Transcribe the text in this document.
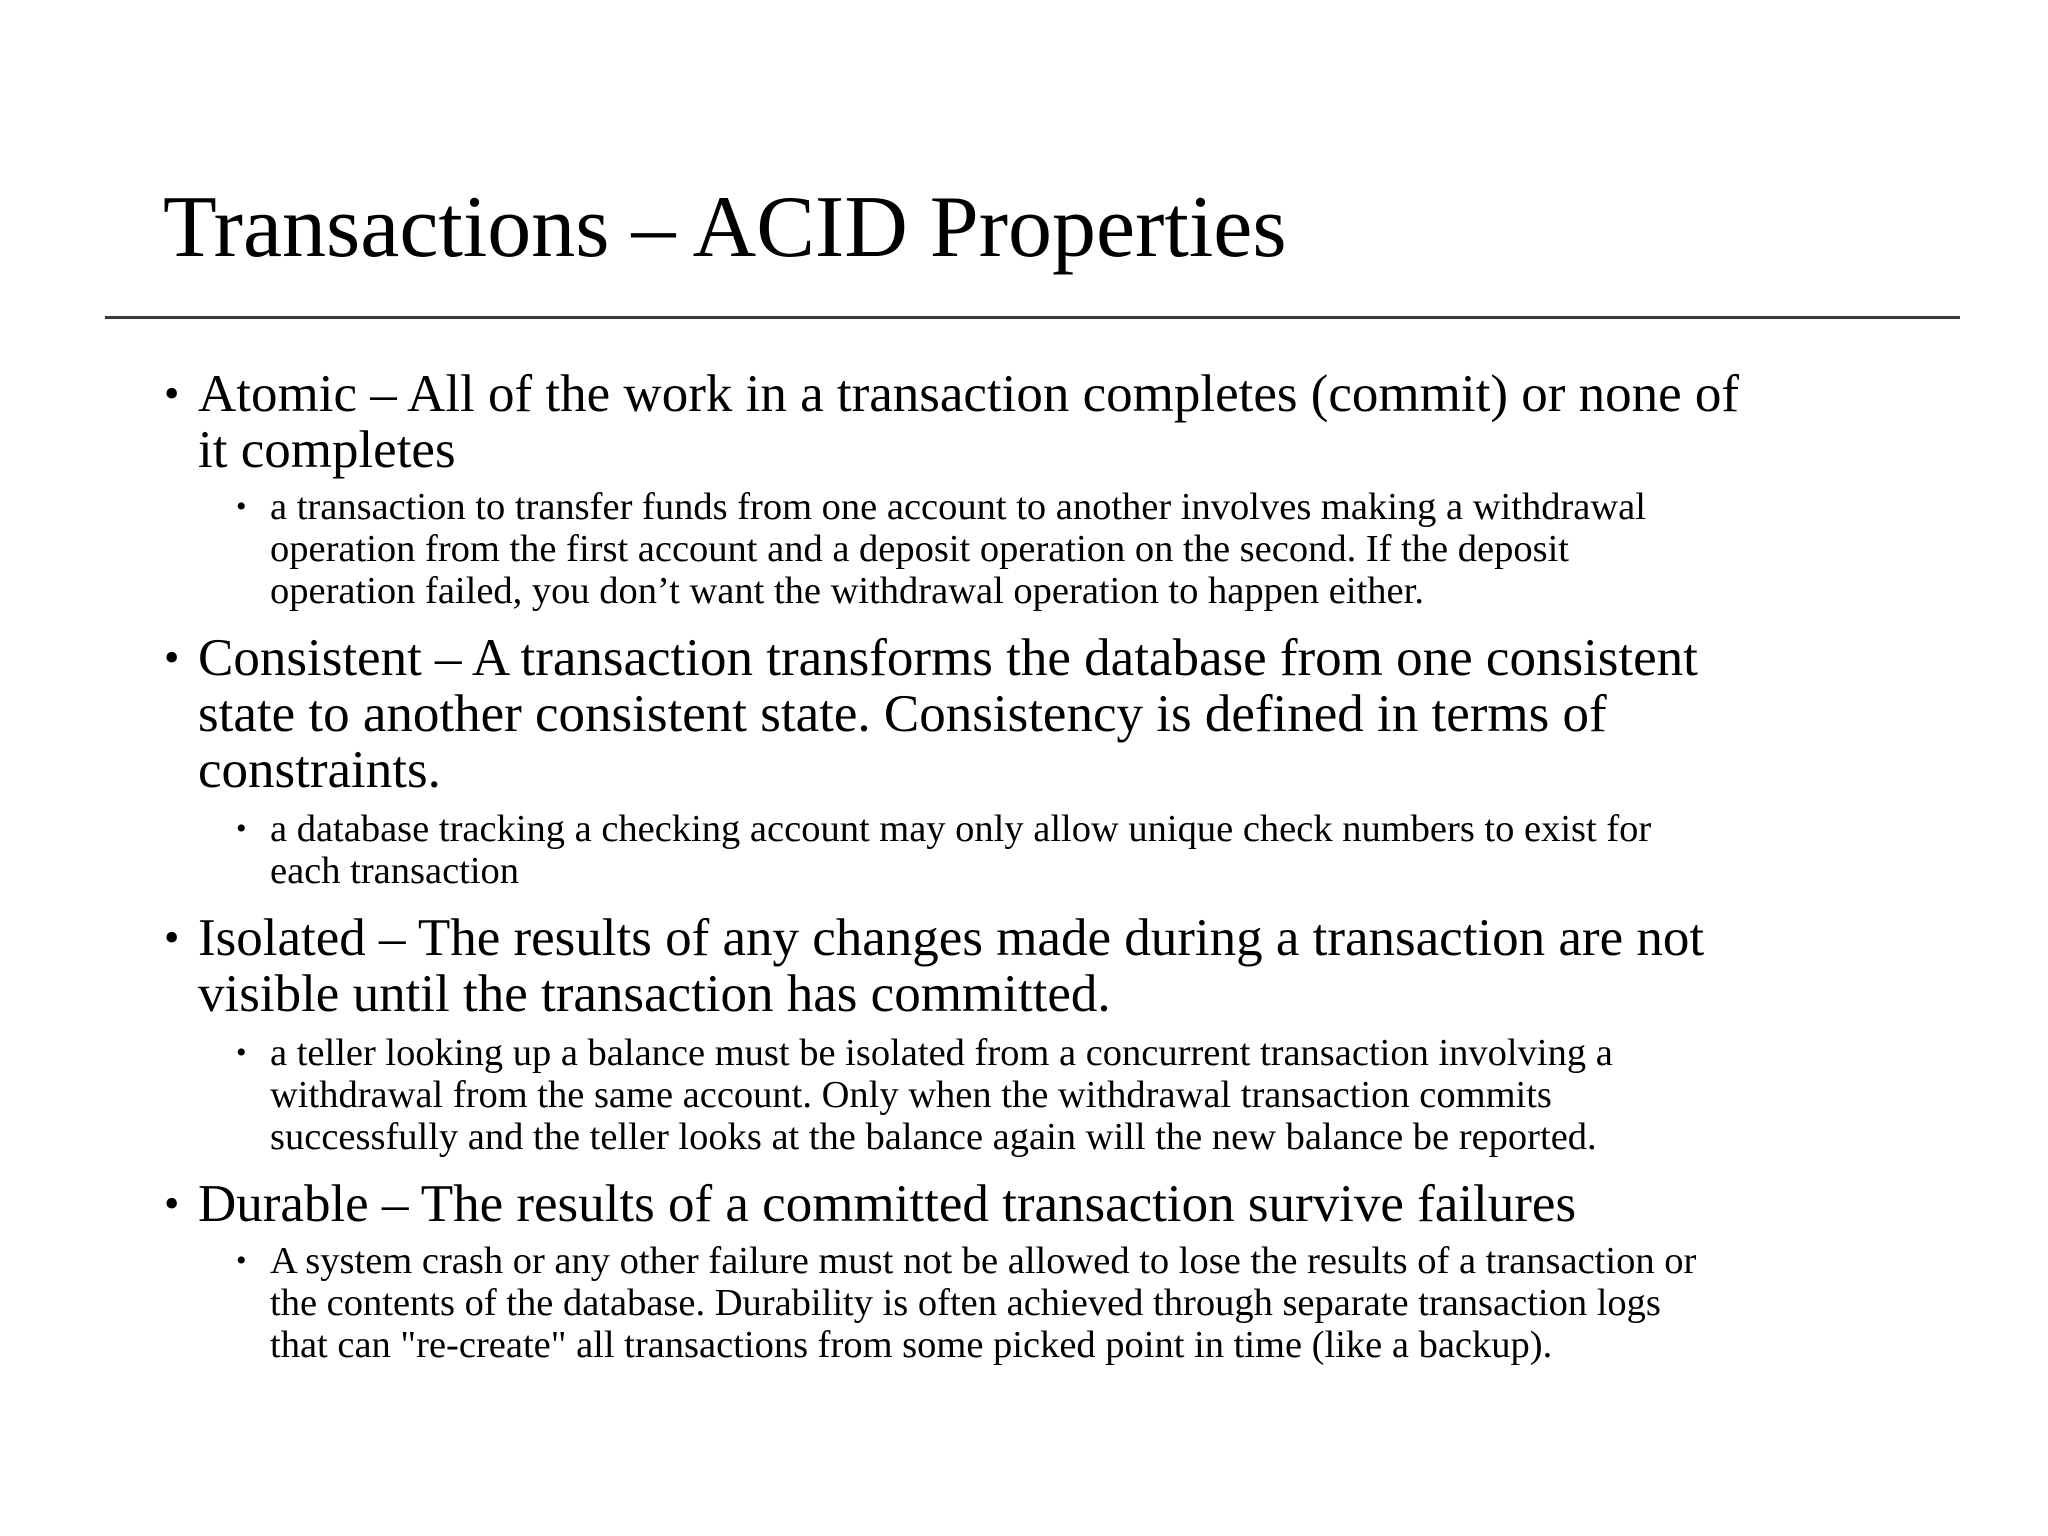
Transactions – ACID Properties
• Atomic – All of the work in a transaction completes (commit) or none of
it completes
• a transaction to transfer funds from one account to another involves making a withdrawal
operation from the first account and a deposit operation on the second. If the deposit
operation failed, you don’t want the withdrawal operation to happen either.
• Consistent – A transaction transforms the database from one consistent
state to another consistent state. Consistency is defined in terms of
constraints.
• a database tracking a checking account may only allow unique check numbers to exist for
each transaction
• Isolated – The results of any changes made during a transaction are not
visible until the transaction has committed.
• a teller looking up a balance must be isolated from a concurrent transaction involving a
withdrawal from the same account. Only when the withdrawal transaction commits
successfully and the teller looks at the balance again will the new balance be reported.
• Durable – The results of a committed transaction survive failures
• A system crash or any other failure must not be allowed to lose the results of a transaction or
the contents of the database. Durability is often achieved through separate transaction logs
that can "re-create" all transactions from some picked point in time (like a backup).
